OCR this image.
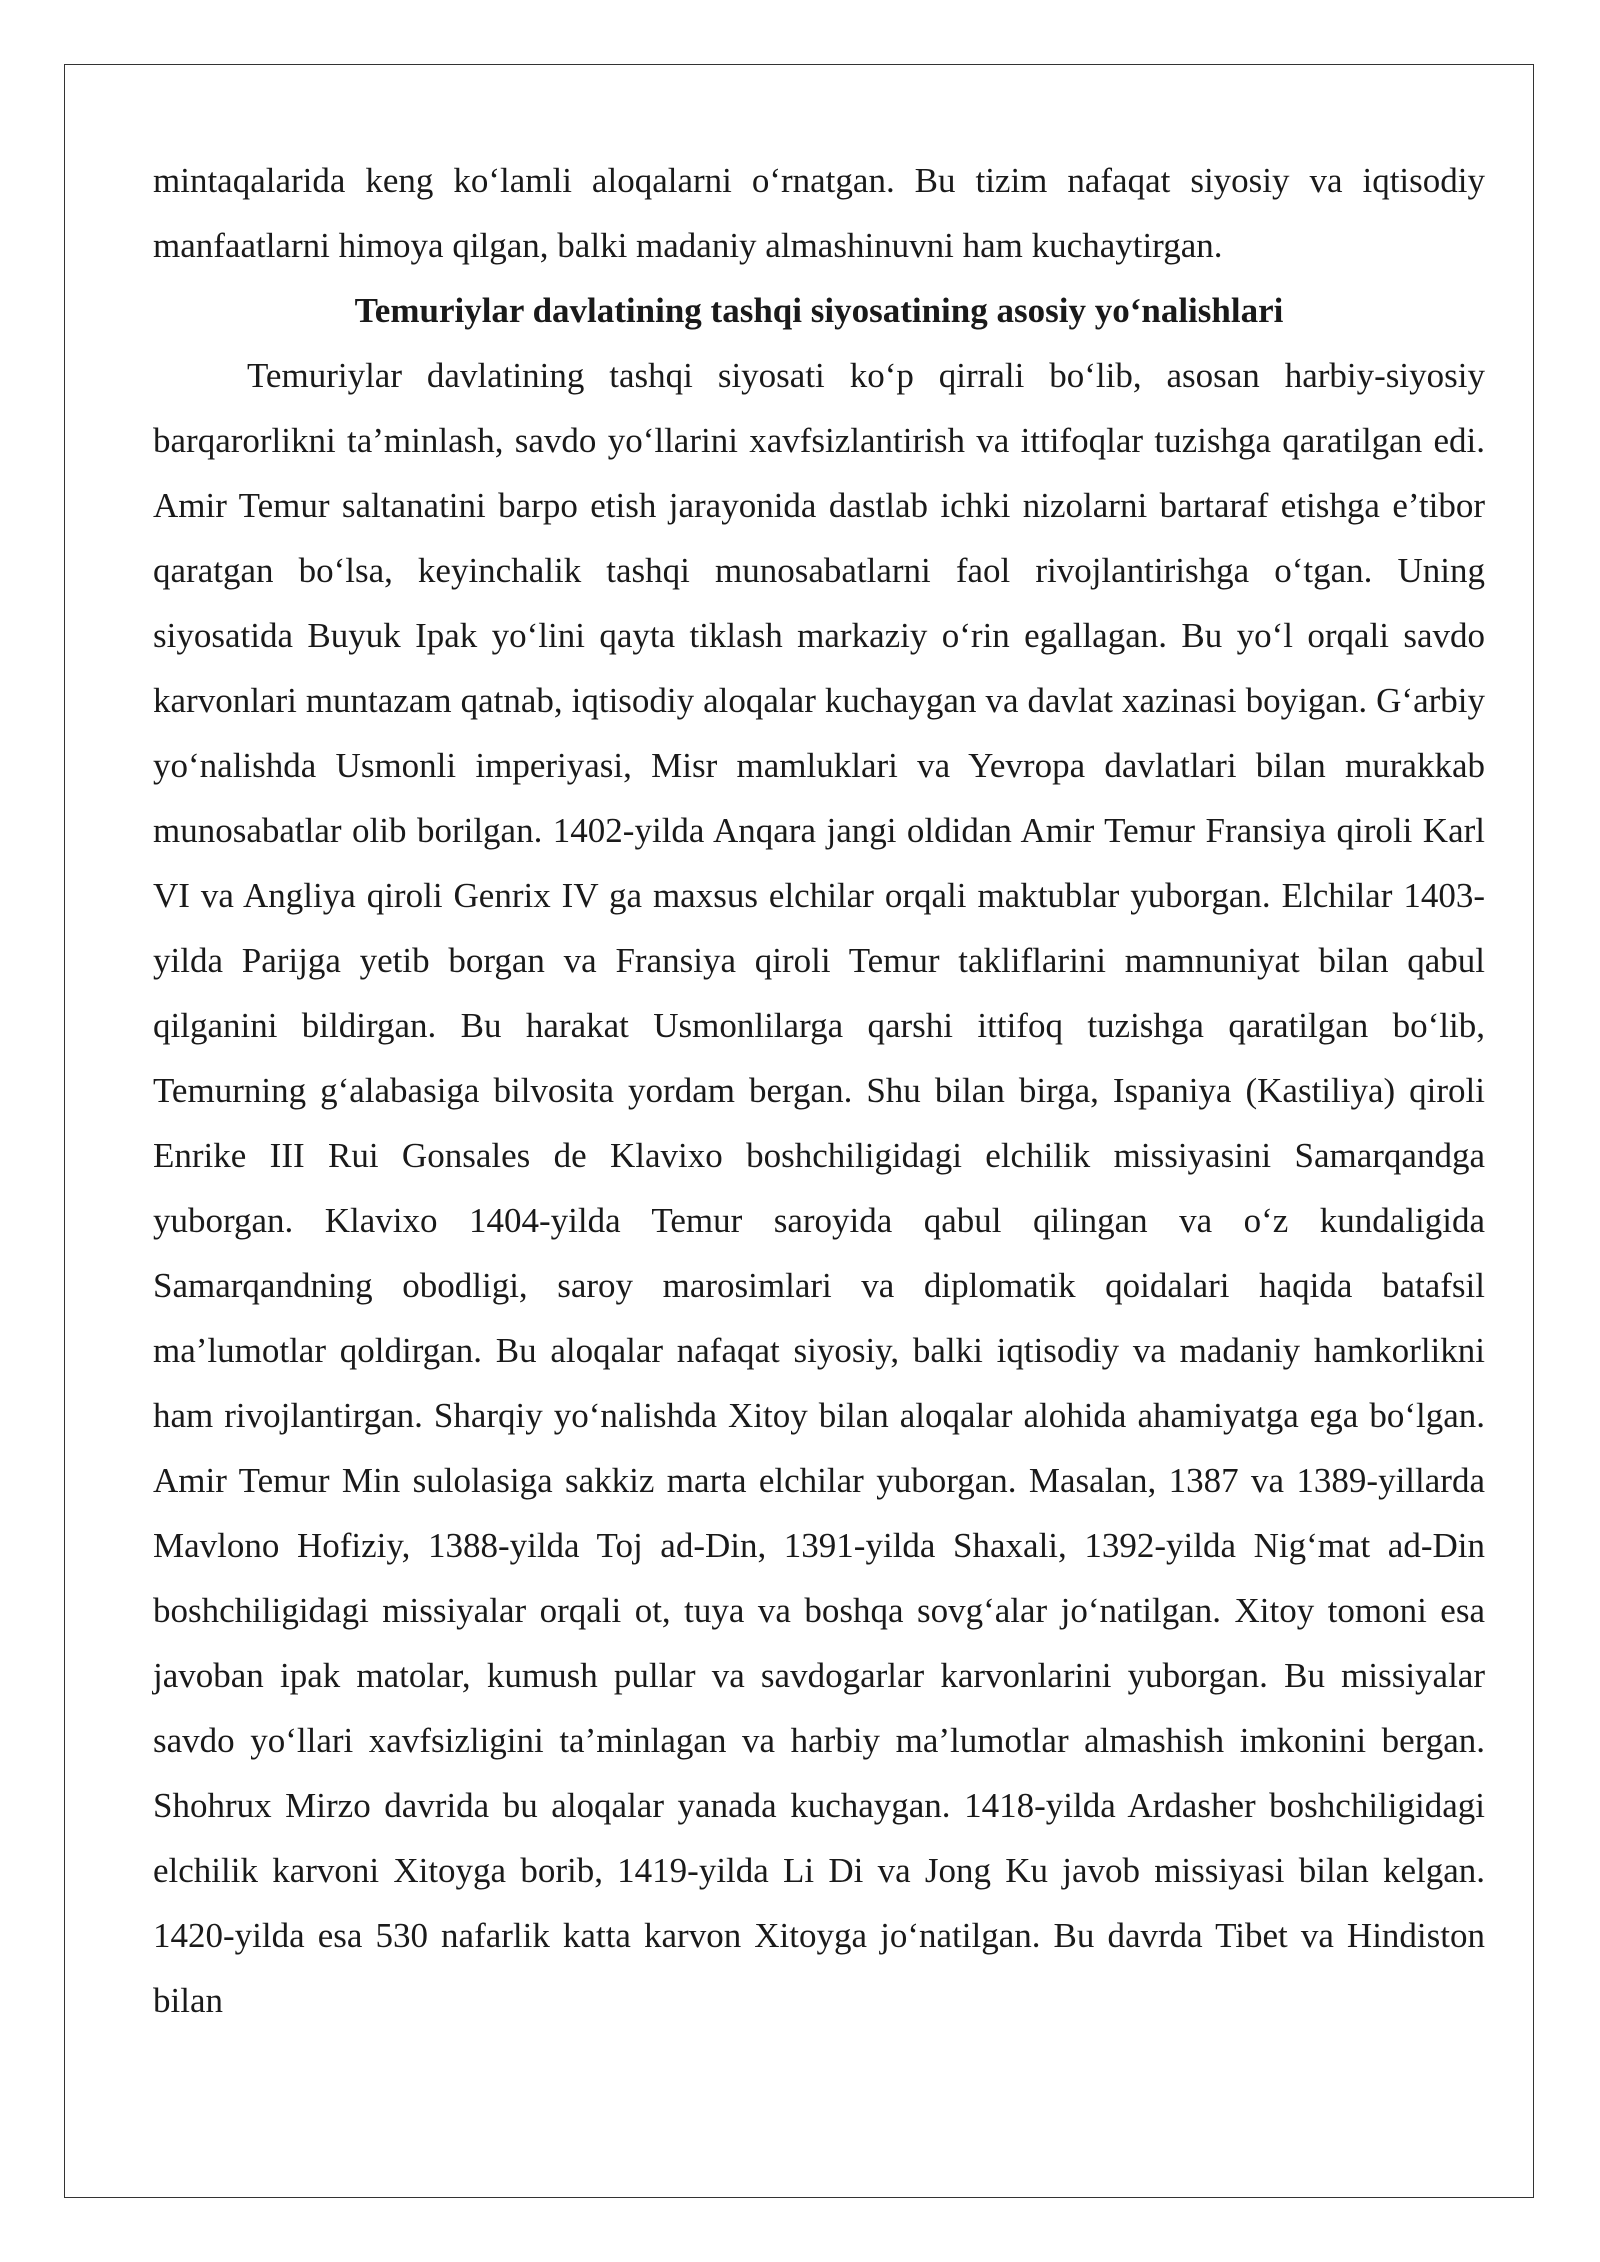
mintaqalarida keng ko‘lamli aloqalarni o‘rnatgan. Bu tizim nafaqat siyosiy va iqtisodiy manfaatlarni himoya qilgan, balki madaniy almashinuvni ham kuchaytirgan.

Temuriylar davlatining tashqi siyosatining asosiy yo‘nalishlari

Temuriylar davlatining tashqi siyosati ko‘p qirrali bo‘lib, asosan harbiy-siyosiy barqarorlikni ta’minlash, savdo yo‘llarini xavfsizlantirish va ittifoqlar tuzishga qaratilgan edi. Amir Temur saltanatini barpo etish jarayonida dastlab ichki nizolarni bartaraf etishga e’tibor qaratgan bo‘lsa, keyinchalik tashqi munosabatlarni faol rivojlantirishga o‘tgan. Uning siyosatida Buyuk Ipak yo‘lini qayta tiklash markaziy o‘rin egallagan. Bu yo‘l orqali savdo karvonlari muntazam qatnab, iqtisodiy aloqalar kuchaygan va davlat xazinasi boyigan. G‘arbiy yo‘nalishda Usmonli imperiyasi, Misr mamluklari va Yevropa davlatlari bilan murakkab munosabatlar olib borilgan. 1402-yilda Anqara jangi oldidan Amir Temur Fransiya qiroli Karl VI va Angliya qiroli Genrix IV ga maxsus elchilar orqali maktublar yuborgan. Elchilar 1403-yilda Parijga yetib borgan va Fransiya qiroli Temur takliflarini mamnuniyat bilan qabul qilganini bildirgan. Bu harakat Usmonlilarga qarshi ittifoq tuzishga qaratilgan bo‘lib, Temurning g‘alabasiga bilvosita yordam bergan. Shu bilan birga, Ispaniya (Kastiliya) qiroli Enrike III Rui Gonsales de Klavixo boshchiligidagi elchilik missiyasini Samarqandga yuborgan. Klavixo 1404-yilda Temur saroyida qabul qilingan va o‘z kundaligida Samarqandning obodligi, saroy marosimlari va diplomatik qoidalari haqida batafsil ma’lumotlar qoldirgan. Bu aloqalar nafaqat siyosiy, balki iqtisodiy va madaniy hamkorlikni ham rivojlantirgan. Sharqiy yo‘nalishda Xitoy bilan aloqalar alohida ahamiyatga ega bo‘lgan. Amir Temur Min sulolasiga sakkiz marta elchilar yuborgan. Masalan, 1387 va 1389-yillarda Mavlono Hofiziy, 1388-yilda Toj ad-Din, 1391-yilda Shaxali, 1392-yilda Nig‘mat ad-Din boshchiligidagi missiyalar orqali ot, tuya va boshqa sovg‘alar jo‘natilgan. Xitoy tomoni esa javoban ipak matolar, kumush pullar va savdogarlar karvonlarini yuborgan. Bu missiyalar savdo yo‘llari xavfsizligini ta’minlagan va harbiy ma’lumotlar almashish imkonini bergan. Shohrux Mirzo davrida bu aloqalar yanada kuchaygan. 1418-yilda Ardasher boshchiligidagi elchilik karvoni Xitoyga borib, 1419-yilda Li Di va Jong Ku javob missiyasi bilan kelgan. 1420-yilda esa 530 nafarlik katta karvon Xitoyga jo‘natilgan. Bu davrda Tibet va Hindiston bilan
